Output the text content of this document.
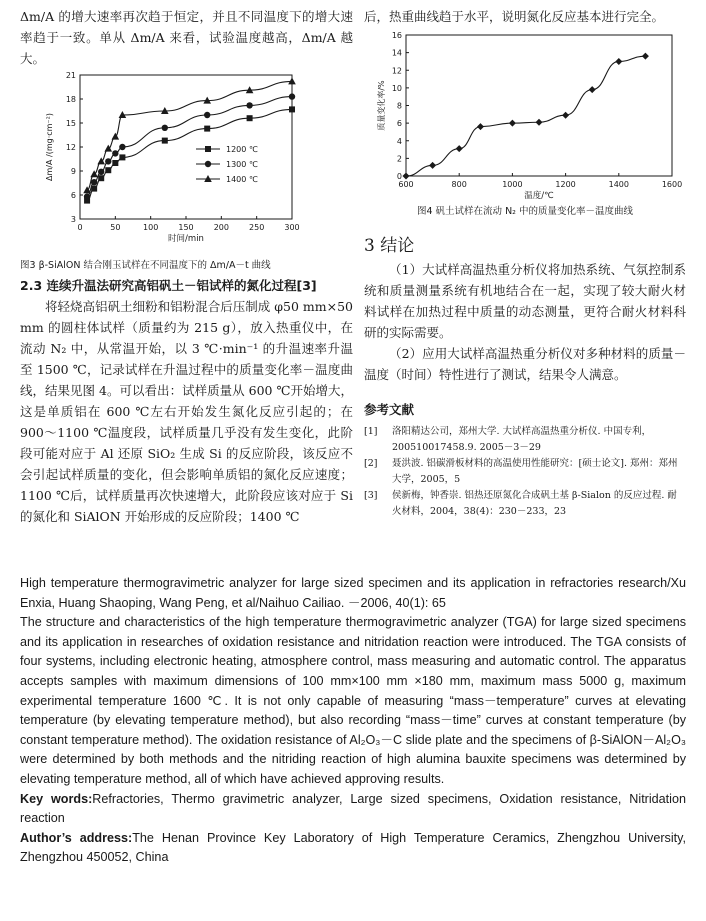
Δm/A 的增大速率再次趋于恒定，并且不同温度下的增大速率趋于一致。单从 Δm/A 来看，试验温度越高，Δm/A 越大。

0	50	100	150	200	250	300
3
6
9
12
15
18
21
时间/min
Δm/A /(mg·cm⁻²)	1200 ℃
1300 ℃
1400 ℃
图3 β-SiAlON 结合刚玉试样在不同温度下的 Δm/A－t 曲线
2.3 连续升温法研究高铝矾土－铝试样的氮化过程[3]

将轻烧高铝矾土细粉和铝粉混合后压制成 φ50 mm×50 mm 的圆柱体试样（质量约为 215 g），放入热重仪中，在流动 N₂ 中，从常温开始，以 3 ℃·min⁻¹ 的升温速率升温至 1500 ℃，记录试样在升温过程中的质量变化率－温度曲线，结果见图 4。可以看出：试样质量从 600 ℃开始增大，这是单质铝在 600 ℃左右开始发生氮化反应引起的；在 900～1100 ℃温度段，试样质量几乎没有发生变化，此阶段可能对应于 Al 还原 SiO₂ 生成 Si 的反应阶段，该反应不会引起试样质量的变化，但会影响单质铝的氮化反应速度；1100 ℃后，试样质量再次快速增大，此阶段应该对应于 Si 的氮化和 SiAlON 开始形成的反应阶段；1400 ℃

后，热重曲线趋于水平，说明氮化反应基本进行完全。

600	800	1000	1200	1400	1600
0
2
4
6
8
10
12
14
16
温度/℃
质量变化率/%
图4 矾土试样在流动 N₂ 中的质量变化率－温度曲线
3 结论

（1）大试样高温热重分析仪将加热系统、气氛控制系统和质量测量系统有机地结合在一起，实现了较大耐火材料试样在加热过程中质量的动态测量，更符合耐火材料科研的实际需要。

（2）应用大试样高温热重分析仪对多种材料的质量－温度（时间）特性进行了测试，结果令人满意。

参考文献
[1]	洛阳精达公司，郑州大学. 大试样高温热重分析仪. 中国专利，200510017458.9. 2005－3－29
[2]	聂洪波. 铝碳滑板材料的高温使用性能研究：[硕士论文]. 郑州：郑州大学，2005，5
[3]	侯新梅，钟香崇. 铝热还原氮化合成矾土基 β-Sialon 的反应过程. 耐火材料，2004，38(4)：230－233，23

High temperature thermogravimetric analyzer for large sized specimen and its application in refractories research/Xu Enxia, Huang Shaoping, Wang Peng, et al/Naihuo Cailiao. －2006, 40(1): 65

The structure and characteristics of the high temperature thermogravimetric analyzer (TGA) for large sized specimens and its application in researches of oxidation resistance and nitridation reaction were introduced. The TGA consists of four systems, including electronic heating, atmosphere control, mass measuring and automatic control. The apparatus accepts samples with maximum dimensions of 100 mm×100 mm ×180 mm, maximum mass 5000 g, maximum experimental temperature 1600 ℃. It is not only capable of measuring “mass－temperature” curves at elevating temperature (by elevating temperature method), but also recording “mass－time” curves at constant temperature (by constant temperature method). The oxidation resistance of Al₂O₃－C slide plate and the specimens of β-SiAlON－Al₂O₃ were determined by both methods and the nitriding reaction of high alumina bauxite specimens was determined by elevating temperature method, all of which have achieved approving results.

Key words:Refractories, Thermo gravimetric analyzer, Large sized specimens, Oxidation resistance, Nitridation reaction

Author’s address:The Henan Province Key Laboratory of High Temperature Ceramics, Zhengzhou University, Zhengzhou 450052, China
